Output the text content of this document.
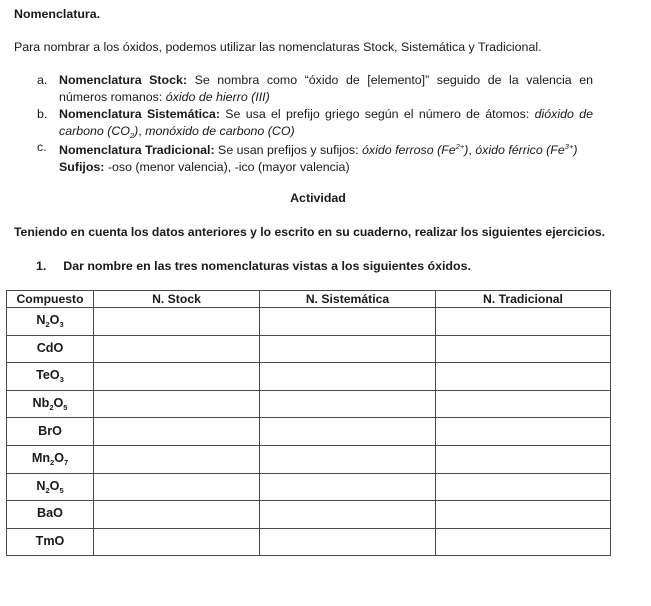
Nomenclatura.
Para nombrar a los óxidos, podemos utilizar las nomenclaturas Stock, Sistemática y Tradicional.
a. Nomenclatura Stock: Se nombra como “óxido de [elemento]” seguido de la valencia en números romanos: óxido de hierro (III)
b. Nomenclatura Sistemática: Se usa el prefijo griego según el número de átomos: dióxido de carbono $(CO_2)$, monóxido de carbono (CO)
c. Nomenclatura Tradicional: Se usan prefijos y sufijos: óxido ferroso $(Fe^{2+})$, óxido férrico $(Fe^{3+})$
Sufijos: -oso (menor valencia), -ico (mayor valencia)
Actividad
Teniendo en cuenta los datos anteriores y lo escrito en su cuaderno, realizar los siguientes ejercicios.
1. Dar nombre en las tres nomenclaturas vistas a los siguientes óxidos.
Compuesto	N. Stock	N. Sistemática	N. Tradicional
$N_2O_3$			
CdO			
TeO$_3$			
$Nb_2O_5$			
BrO			
$Mn_2O_7$			
$N_2O_5$			
BaO			
TmO			
